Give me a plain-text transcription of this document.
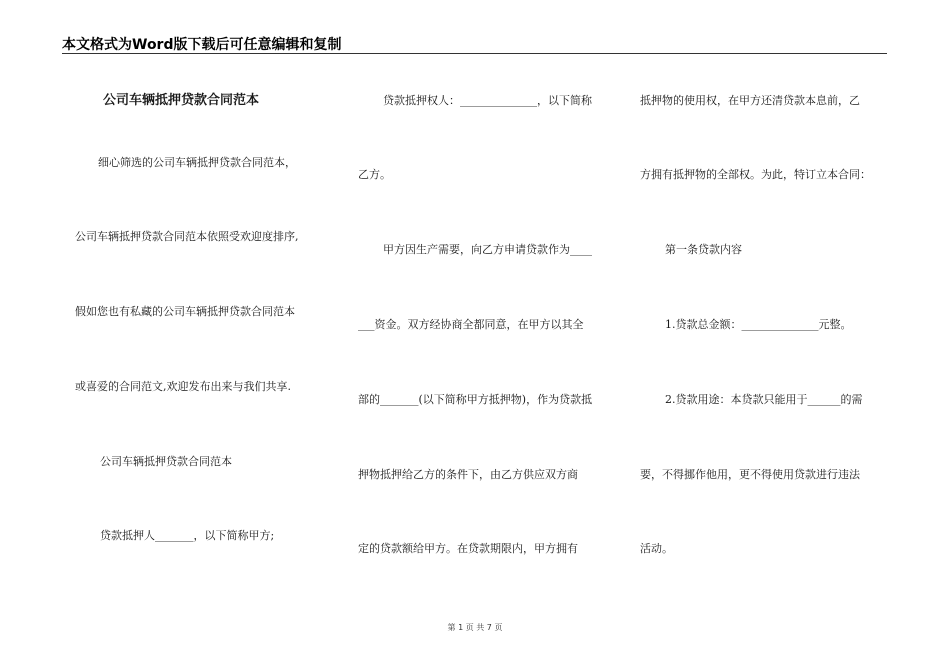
本文格式为Word版下载后可任意编辑和复制
公司车辆抵押贷款合同范本
细心筛选的公司车辆抵押贷款合同范本，
公司车辆抵押贷款合同范本依照受欢迎度排序,
假如您也有私藏的公司车辆抵押贷款合同范本
或喜爱的合同范文,欢迎发布出来与我们共享.
公司车辆抵押贷款合同范本
贷款抵押人_______，以下简称甲方;
贷款抵押权人：______________，以下简称
乙方。
甲方因生产需要，向乙方申请贷款作为____
___资金。双方经协商全都同意，在甲方以其全
部的_______(以下简称甲方抵押物)，作为贷款抵
押物抵押给乙方的条件下，由乙方供应双方商
定的贷款额给甲方。在贷款期限内，甲方拥有
抵押物的使用权，在甲方还清贷款本息前，乙
方拥有抵押物的全部权。为此，特订立本合同：
第一条贷款内容
1.贷款总金额：______________元整。
2.贷款用途：本贷款只能用于______的需
要，不得挪作他用，更不得使用贷款进行违法
活动。
第 1 页 共 7 页
